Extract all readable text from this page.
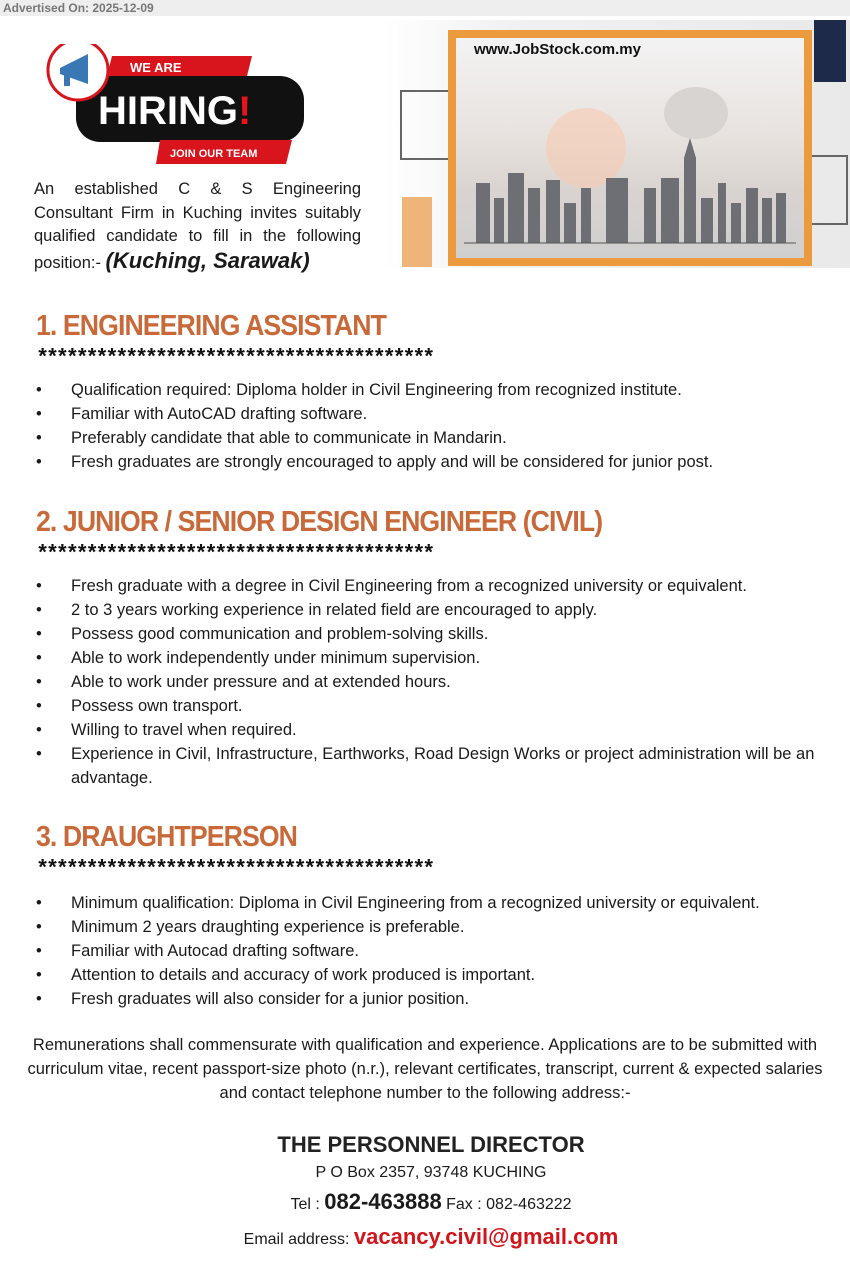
Advertised On: 2025-12-09
WE ARE
HIRING!
JOIN OUR TEAM
An established C & S Engineering Consultant Firm in Kuching invites suitably qualified candidate to fill in the following position:- (Kuching, Sarawak)
www.JobStock.com.my
1. ENGINEERING ASSISTANT
****************************************
• Qualification required: Diploma holder in Civil Engineering from recognized institute.
• Familiar with AutoCAD drafting software.
• Preferably candidate that able to communicate in Mandarin.
• Fresh graduates are strongly encouraged to apply and will be considered for junior post.
2. JUNIOR / SENIOR DESIGN ENGINEER (CIVIL)
****************************************
• Fresh graduate with a degree in Civil Engineering from a recognized university or equivalent.
• 2 to 3 years working experience in related field are encouraged to apply.
• Possess good communication and problem-solving skills.
• Able to work independently under minimum supervision.
• Able to work under pressure and at extended hours.
• Possess own transport.
• Willing to travel when required.
• Experience in Civil, Infrastructure, Earthworks, Road Design Works or project administration will be an advantage.
3. DRAUGHTPERSON
****************************************
• Minimum qualification: Diploma in Civil Engineering from a recognized university or equivalent.
• Minimum 2 years draughting experience is preferable.
• Familiar with Autocad drafting software.
• Attention to details and accuracy of work produced is important.
• Fresh graduates will also consider for a junior position.
Remunerations shall commensurate with qualification and experience. Applications are to be submitted with curriculum vitae, recent passport-size photo (n.r.), relevant certificates, transcript, current & expected salaries and contact telephone number to the following address:-
THE PERSONNEL DIRECTOR
P O Box 2357, 93748 KUCHING
Tel : 082-463888 Fax : 082-463222
Email address: vacancy.civil@gmail.com
